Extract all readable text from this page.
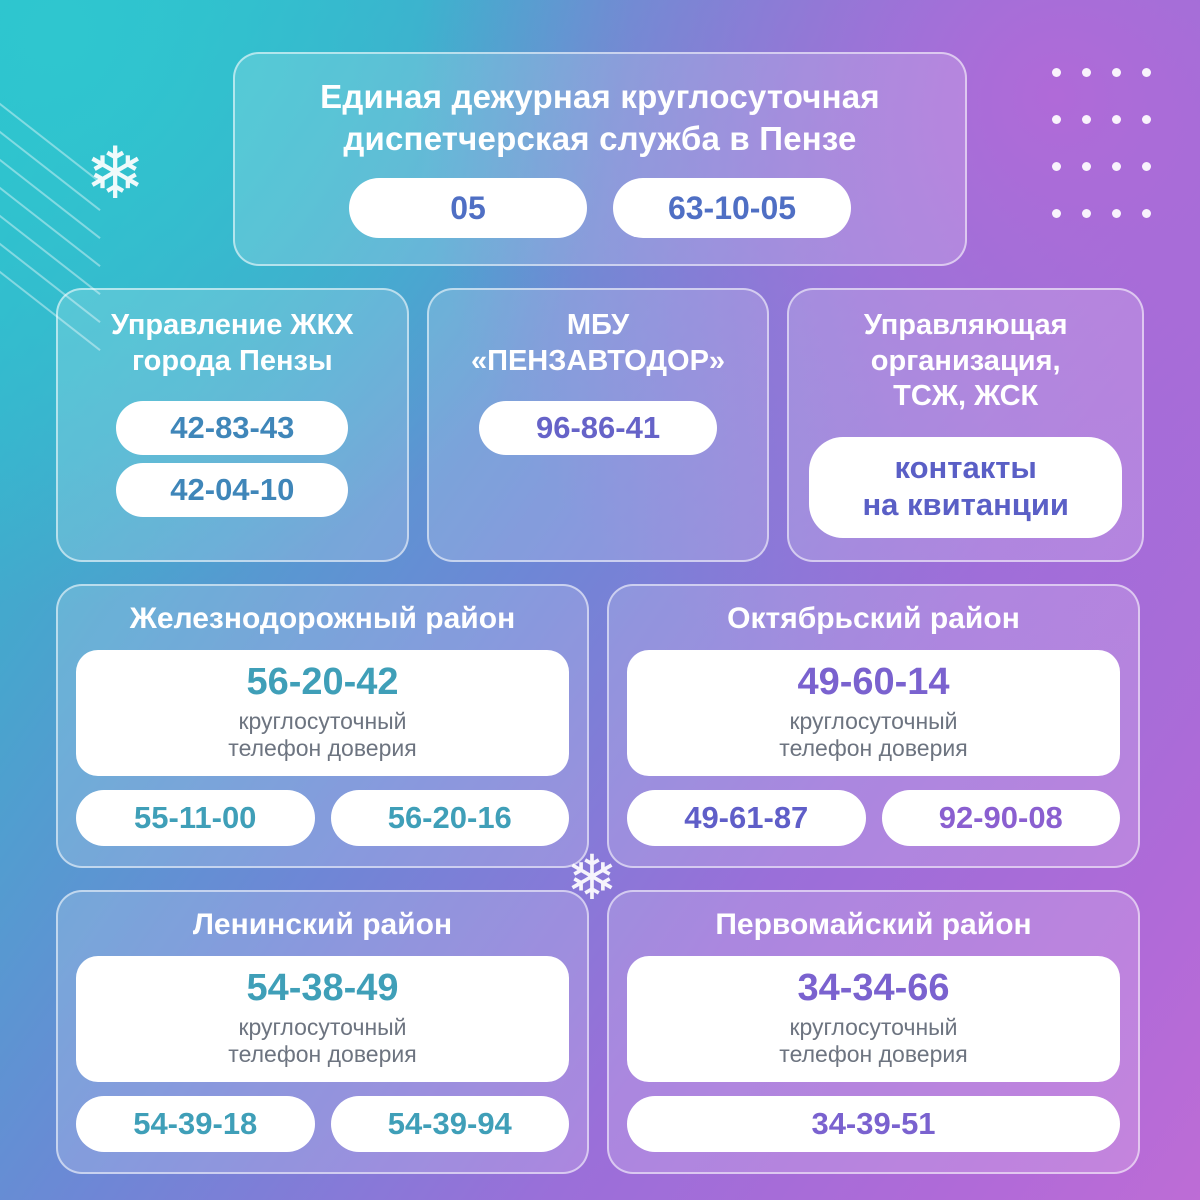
❄
❄
Единая дежурная круглосуточная
диспетчерская служба в Пензе
05	63-10-05
Управление ЖКХ
города Пензы
42-83-43
42-04-10
МБУ
«ПЕНЗАВТОДОР»
96-86-41
Управляющая
организация,
ТСЖ, ЖСК
контакты
на квитанции
Железнодорожный район
56-20-42
круглосуточный
телефон доверия
55-11-00	56-20-16
Октябрьский район
49-60-14
круглосуточный
телефон доверия
49-61-87	92-90-08
Ленинский район
54-38-49
круглосуточный
телефон доверия
54-39-18	54-39-94
Первомайский район
34-34-66
круглосуточный
телефон доверия
34-39-51
